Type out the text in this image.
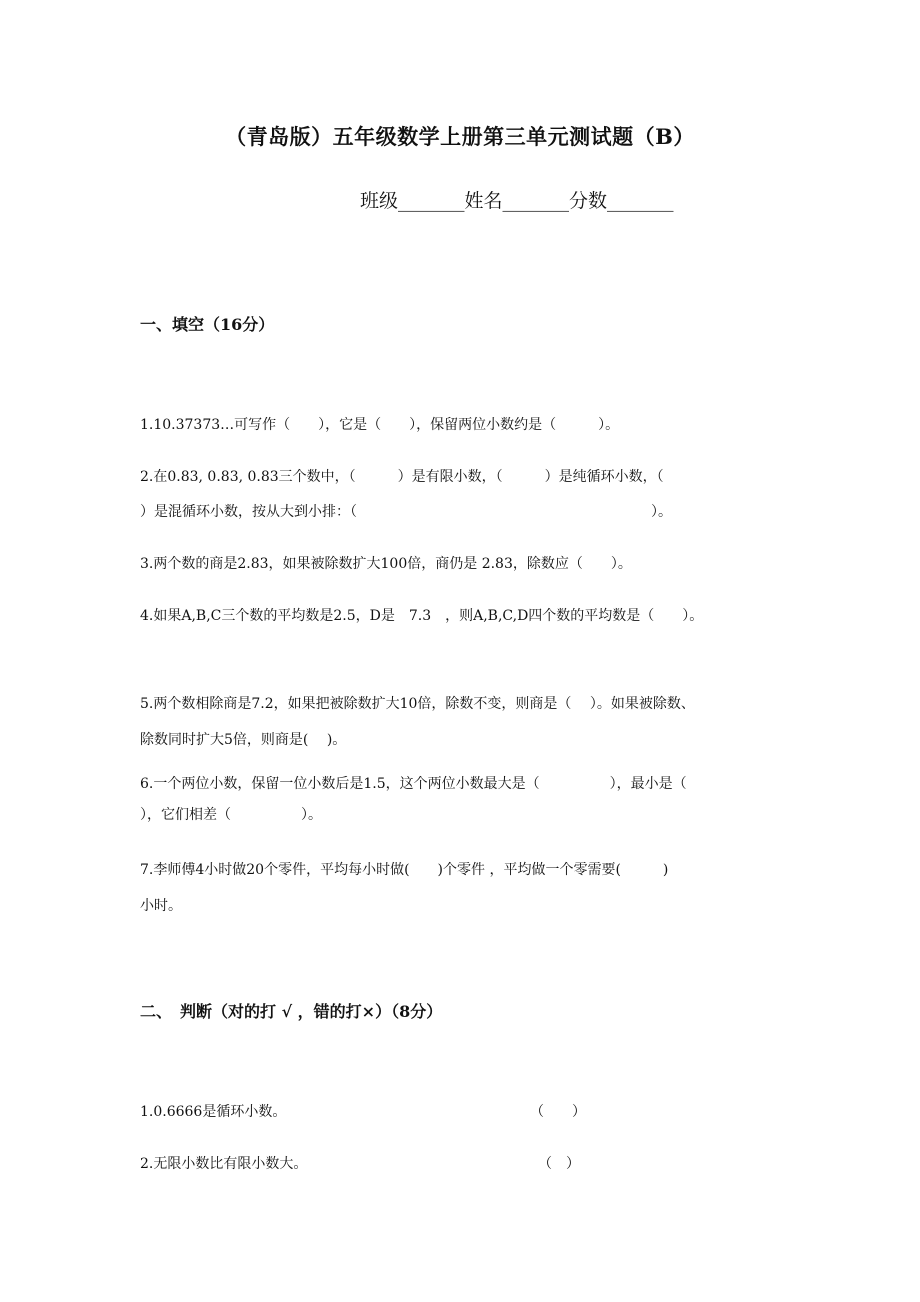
（青岛版）五年级数学上册第三单元测试题（B）
班级_______姓名_______分数_______
一、填空（16分）
1.10.37373…可写作（　　），它是（　　），保留两位小数约是（　　　）。
2.在0.83, 0.83, 0.83三个数中，（　　　）是有限小数，（　　　）是纯循环小数，（
）是混循环小数，按从大到小排：（　　　　　　　　　　　　　　　　　　　　　）。
3.两个数的商是2.83，如果被除数扩大100倍，商仍是 2.83，除数应（　　）。
4.如果A,B,C三个数的平均数是2.5，D是　7.3　，则A,B,C,D四个数的平均数是（　　）。
5.两个数相除商是7.2，如果把被除数扩大10倍，除数不变，则商是（　 ）。如果被除数、
除数同时扩大5倍，则商是(　 )。
6.一个两位小数，保留一位小数后是1.5，这个两位小数最大是（　　　　　），最小是（
），它们相差（　　　　　）。
7.李师傅4小时做20个零件，平均每小时做(　　)个零件 ，平均做一个零需要(　　　)
小时。
二、　判断（对的打 √ ，错的打×）（8分）
1.0.6666是循环小数。	（　　）
2.无限小数比有限小数大。	（　）
